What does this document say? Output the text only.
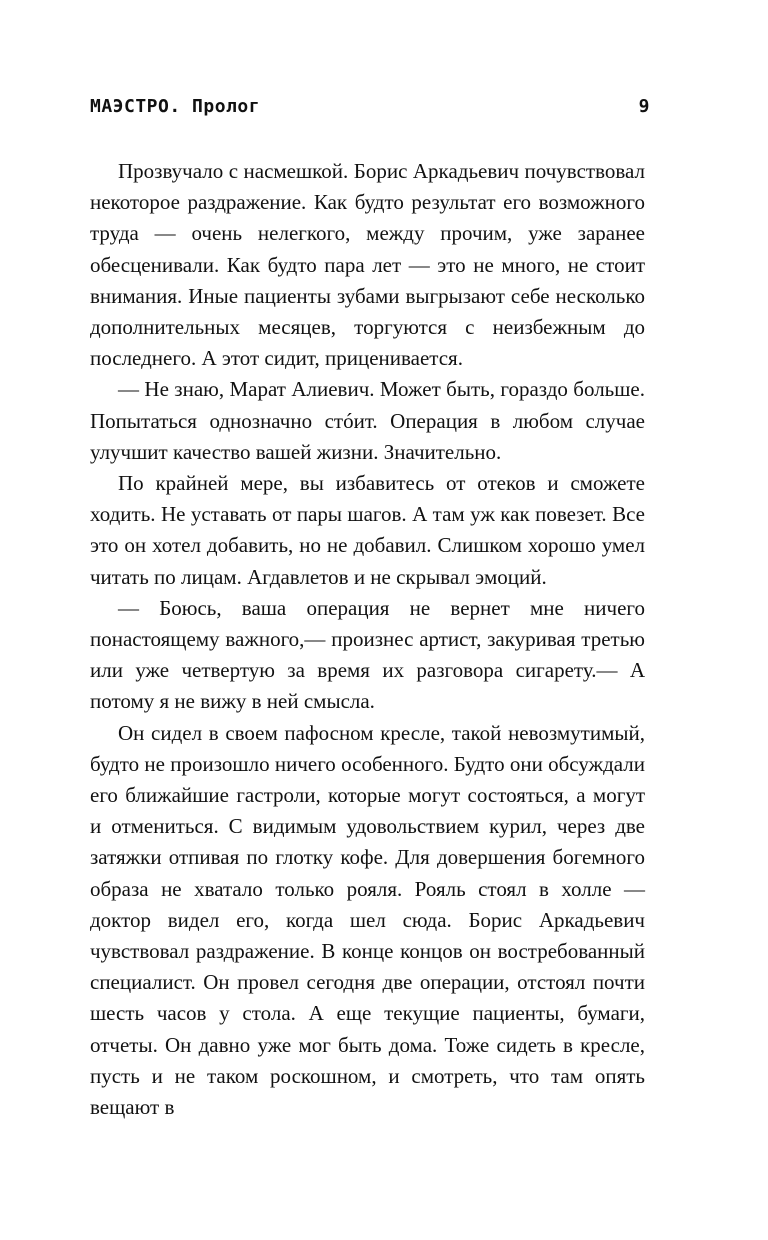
МАЭСТРО. Пролог	9

Прозвучало с насмешкой. Борис Аркадьевич почувствовал некоторое раздражение. Как будто результат его возможного труда — очень нелегкого, между прочим, уже заранее обесценивали. Как будто пара лет — это не много, не стоит внимания. Иные пациенты зубами выгрызают себе несколько дополнительных месяцев, торгуются с неизбежным до последнего. А этот сидит, приценивается.

— Не знаю, Марат Алиевич. Может быть, гораздо больше. Попытаться однозначно стóит. Операция в любом случае улучшит качество вашей жизни. Значительно.

По крайней мере, вы избавитесь от отеков и сможете ходить. Не уставать от пары шагов. А там уж как повезет. Все это он хотел добавить, но не добавил. Слишком хорошо умел читать по лицам. Агдавлетов и не скрывал эмоций.

— Боюсь, ваша операция не вернет мне ничего понастоящему важного,— произнес артист, закуривая третью или уже четвертую за время их разговора сигарету.— А потому я не вижу в ней смысла.

Он сидел в своем пафосном кресле, такой невозмутимый, будто не произошло ничего особенного. Будто они обсуждали его ближайшие гастроли, которые могут состояться, а могут и отмениться. С видимым удовольствием курил, через две затяжки отпивая по глотку кофе. Для довершения богемного образа не хватало только рояля. Рояль стоял в холле — доктор видел его, когда шел сюда. Борис Аркадьевич чувствовал раздражение. В конце концов он востребованный специалист. Он провел сегодня две операции, отстоял почти шесть часов у стола. А еще текущие пациенты, бумаги, отчеты. Он давно уже мог быть дома. Тоже сидеть в кресле, пусть и не таком роскошном, и смотреть, что там опять вещают в
